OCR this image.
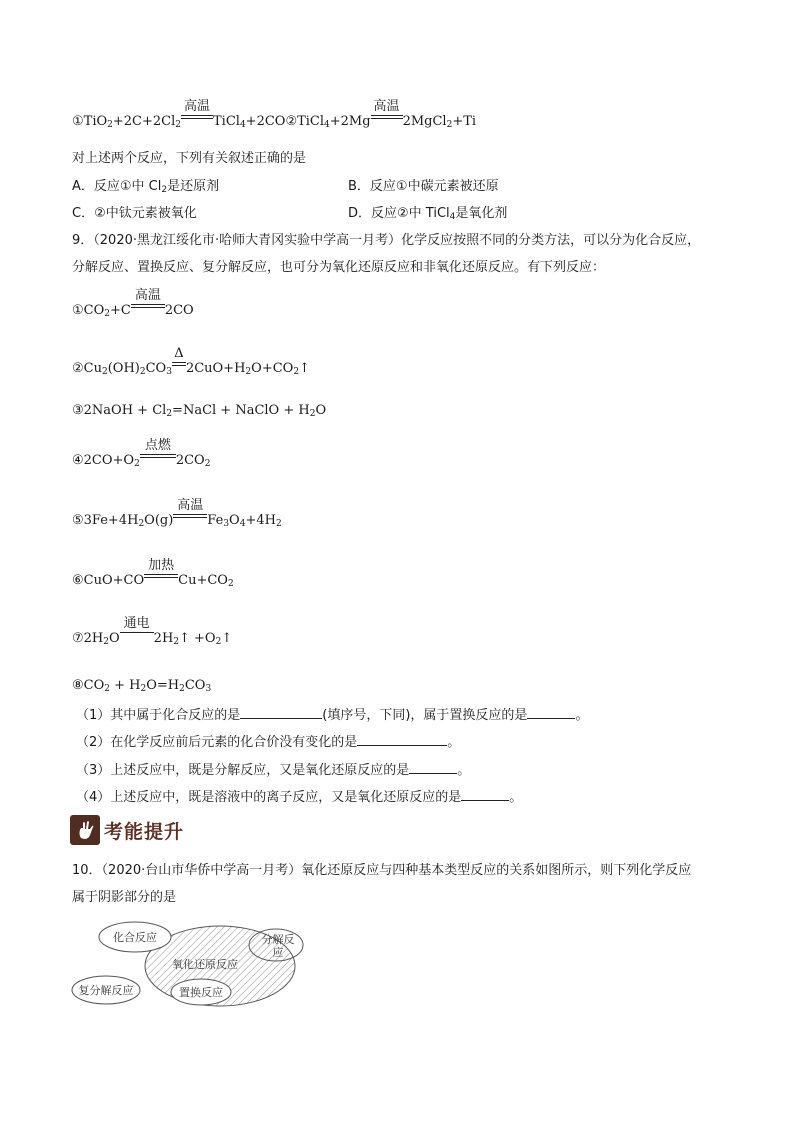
$①TiO_2+2C+2Cl_2$
高温
TiCl$_4$+2CO②TiCl$_4$+2Mg
高温
2MgCl$_2$+Ti
对上述两个反应，下列有关叙述正确的是
A．反应①中 $Cl_2$是还原剂	B．反应①中碳元素被还原
C．②中钛元素被氧化	D．反应②中 TiCl$_4$是氧化剂
9．（2020·黑龙江绥化市·哈师大青冈实验中学高一月考）化学反应按照不同的分类方法，可以分为化合反应，
分解反应、置换反应、复分解反应，也可分为氧化还原反应和非氧化还原反应。有下列反应：
$①CO_2+C$
高温
2CO
$②Cu_2(OH)_2CO_3$
Δ
$2CuO+H_2O+CO_2↑$
③2NaOH + $Cl_2=NaCl$ + NaClO + $H_2O$
$④2CO+O_2$
点燃
$2CO_2$
$⑤3Fe+4H_2O(g)$
高温
$Fe_3O_4+4H_2$
⑥CuO+CO
加热
$Cu+CO_2$
$⑦2H_2O$
通电
$2H_2↑$ $+O_2↑$
$⑧CO_2 + H_2O=H_2CO_3$
（1）其中属于化合反应的是	(填序号，下同)，属于置换反应的是	。
（2）在化学反应前后元素的化合价没有变化的是	。
（3）上述反应中，既是分解反应，又是氧化还原反应的是	。
（4）上述反应中，既是溶液中的离子反应，又是氧化还原反应的是	。
考能提升
10．（2020·台山市华侨中学高一月考）氧化还原反应与四种基本类型反应的关系如图所示，则下列化学反应
属于阴影部分的是
化合反应	分解反
应
氧化还原反应
复分解反应	置换反应
